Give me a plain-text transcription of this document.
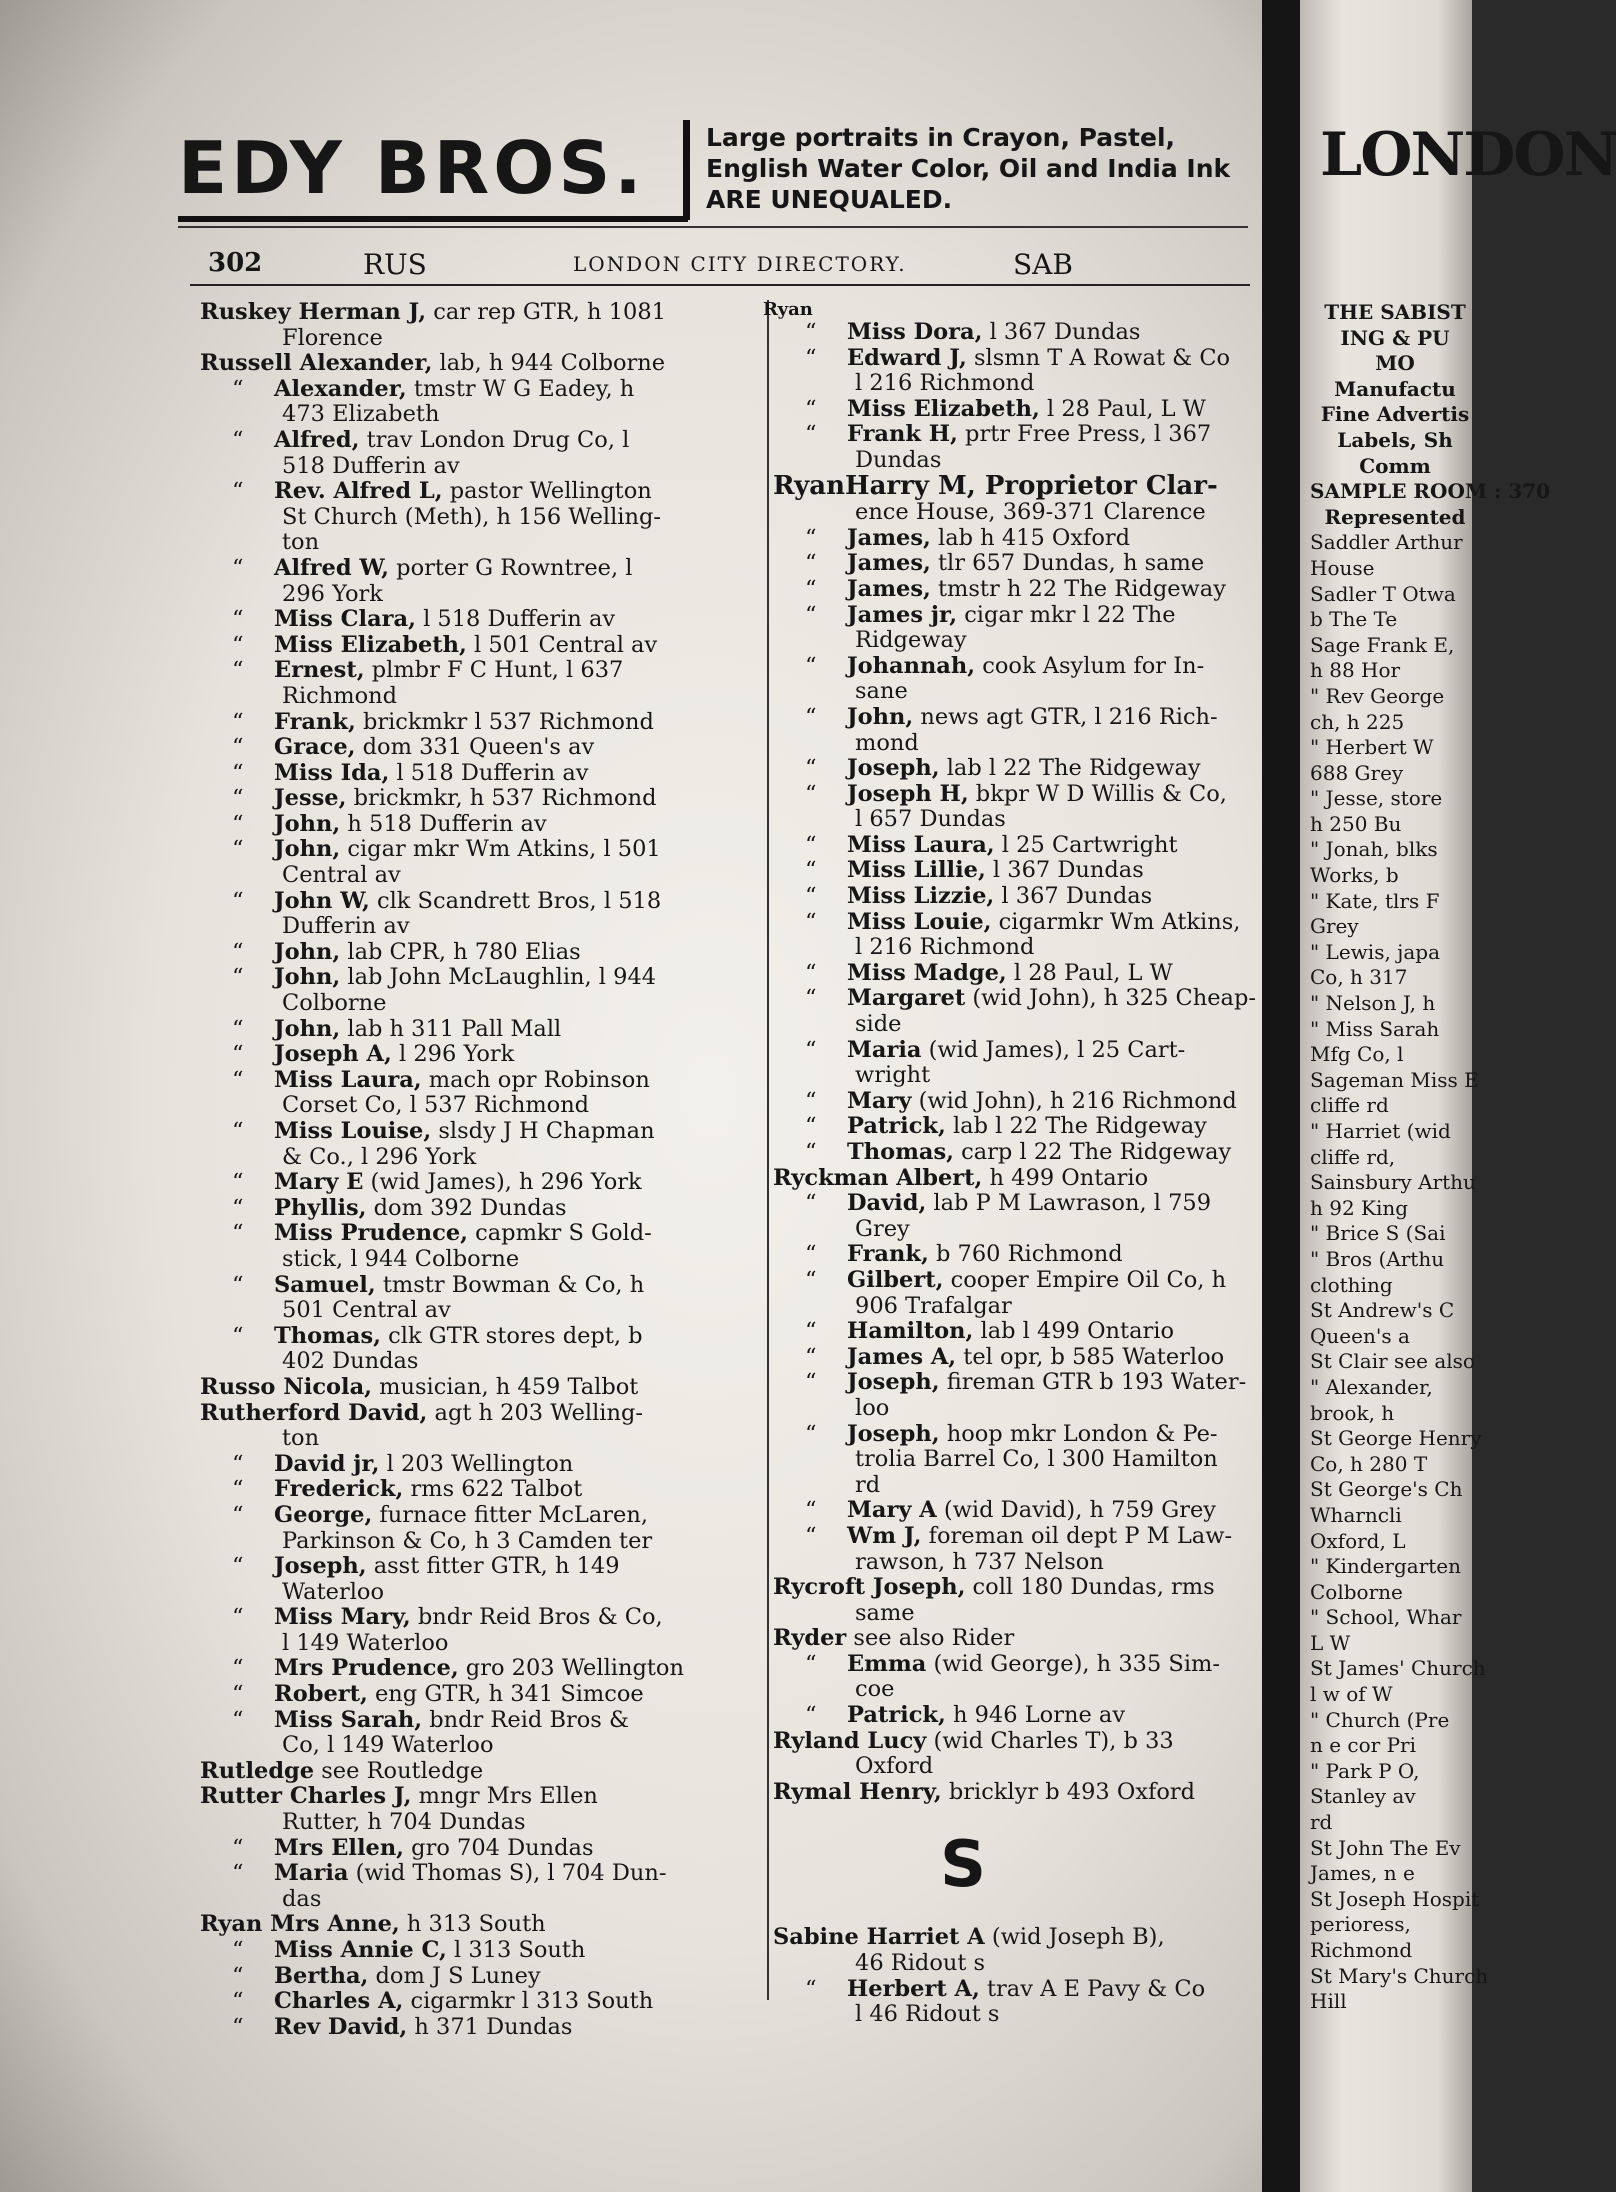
EDY BROS. Large portraits in Crayon, Pastel, English Water Color, Oil and India Ink ARE UNEQUALED.
302	RUS	LONDON CITY DIRECTORY.	SAB
Ruskey Herman J, car rep GTR, h 1081
Florence
Russell Alexander, lab, h 944 Colborne
“ Alexander, tmstr W G Eadey, h
473 Elizabeth
“ Alfred, trav London Drug Co, l
518 Dufferin av
“ Rev. Alfred L, pastor Wellington
St Church (Meth), h 156 Welling-
ton
“ Alfred W, porter G Rowntree, l
296 York
“ Miss Clara, l 518 Dufferin av
“ Miss Elizabeth, l 501 Central av
“ Ernest, plmbr F C Hunt, l 637
Richmond
“ Frank, brickmkr l 537 Richmond
“ Grace, dom 331 Queen's av
“ Miss Ida, l 518 Dufferin av
“ Jesse, brickmkr, h 537 Richmond
“ John, h 518 Dufferin av
“ John, cigar mkr Wm Atkins, l 501
Central av
“ John W, clk Scandrett Bros, l 518
Dufferin av
“ John, lab CPR, h 780 Elias
“ John, lab John McLaughlin, l 944
Colborne
“ John, lab h 311 Pall Mall
“ Joseph A, l 296 York
“ Miss Laura, mach opr Robinson
Corset Co, l 537 Richmond
“ Miss Louise, slsdy J H Chapman
& Co., l 296 York
“ Mary E (wid James), h 296 York
“ Phyllis, dom 392 Dundas
“ Miss Prudence, capmkr S Gold-
stick, l 944 Colborne
“ Samuel, tmstr Bowman & Co, h
501 Central av
“ Thomas, clk GTR stores dept, b
402 Dundas
Russo Nicola, musician, h 459 Talbot
Rutherford David, agt h 203 Welling-
ton
“ David jr, l 203 Wellington
“ Frederick, rms 622 Talbot
“ George, furnace fitter McLaren,
Parkinson & Co, h 3 Camden ter
“ Joseph, asst fitter GTR, h 149
Waterloo
“ Miss Mary, bndr Reid Bros & Co,
l 149 Waterloo
“ Mrs Prudence, gro 203 Wellington
“ Robert, eng GTR, h 341 Simcoe
“ Miss Sarah, bndr Reid Bros &
Co, l 149 Waterloo
Rutledge see Routledge
Rutter Charles J, mngr Mrs Ellen
Rutter, h 704 Dundas
“ Mrs Ellen, gro 704 Dundas
“ Maria (wid Thomas S), l 704 Dun-
das
Ryan Mrs Anne, h 313 South
“ Miss Annie C, l 313 South
“ Bertha, dom J S Luney
“ Charles A, cigarmkr l 313 South
“ Rev David, h 371 Dundas
Ryan
“ Miss Dora, l 367 Dundas
“ Edward J, slsmn T A Rowat & Co
l 216 Richmond
“ Miss Elizabeth, l 28 Paul, L W
“ Frank H, prtr Free Press, l 367
Dundas
RyanHarry M, Proprietor Clar-
ence House, 369-371 Clarence
“ James, lab h 415 Oxford
“ James, tlr 657 Dundas, h same
“ James, tmstr h 22 The Ridgeway
“ James jr, cigar mkr l 22 The
Ridgeway
“ Johannah, cook Asylum for In-
sane
“ John, news agt GTR, l 216 Rich-
mond
“ Joseph, lab l 22 The Ridgeway
“ Joseph H, bkpr W D Willis & Co,
l 657 Dundas
“ Miss Laura, l 25 Cartwright
“ Miss Lillie, l 367 Dundas
“ Miss Lizzie, l 367 Dundas
“ Miss Louie, cigarmkr Wm Atkins,
l 216 Richmond
“ Miss Madge, l 28 Paul, L W
“ Margaret (wid John), h 325 Cheap-
side
“ Maria (wid James), l 25 Cart-
wright
“ Mary (wid John), h 216 Richmond
“ Patrick, lab l 22 The Ridgeway
“ Thomas, carp l 22 The Ridgeway
Ryckman Albert, h 499 Ontario
“ David, lab P M Lawrason, l 759
Grey
“ Frank, b 760 Richmond
“ Gilbert, cooper Empire Oil Co, h
906 Trafalgar
“ Hamilton, lab l 499 Ontario
“ James A, tel opr, b 585 Waterloo
“ Joseph, fireman GTR b 193 Water-
loo
“ Joseph, hoop mkr London & Pe-
trolia Barrel Co, l 300 Hamilton
rd
“ Mary A (wid David), h 759 Grey
“ Wm J, foreman oil dept P M Law-
rawson, h 737 Nelson
Rycroft Joseph, coll 180 Dundas, rms
same
Ryder see also Rider
“ Emma (wid George), h 335 Sim-
coe
“ Patrick, h 946 Lorne av
Ryland Lucy (wid Charles T), b 33
Oxford
Rymal Henry, bricklyr b 493 Oxford
S
Sabine Harriet A (wid Joseph B),
46 Ridout s
“ Herbert A, trav A E Pavy & Co
l 46 Ridout s
LONDON
THE SABIST
ING & PU
MO
Manufactu
Fine Advertis
Labels, Sh
Comm
SAMPLE ROOM : 370
Represented
Saddler Arthur
House
Sadler T Otwa
b The Te
Sage Frank E,
h 88 Hor
" Rev George
ch, h 225
" Herbert W
688 Grey
" Jesse, store
h 250 Bu
" Jonah, blks
Works, b
" Kate, tlrs F
Grey
" Lewis, japa
Co, h 317
" Nelson J, h
" Miss Sarah
Mfg Co, l
Sageman Miss E
cliffe rd
" Harriet (wid
cliffe rd,
Sainsbury Arthu
h 92 King
" Brice S (Sai
" Bros (Arthu
clothing
St Andrew's C
Queen's a
St Clair see also
" Alexander,
brook, h
St George Henry
Co, h 280 T
St George's Ch
Wharncli
Oxford, L
" Kindergarten
Colborne
" School, Whar
L W
St James' Church
l w of W
" Church (Pre
n e cor Pri
" Park P O,
Stanley av
rd
St John The Ev
James, n e
St Joseph Hospit
perioress,
Richmond
St Mary's Church
Hill
